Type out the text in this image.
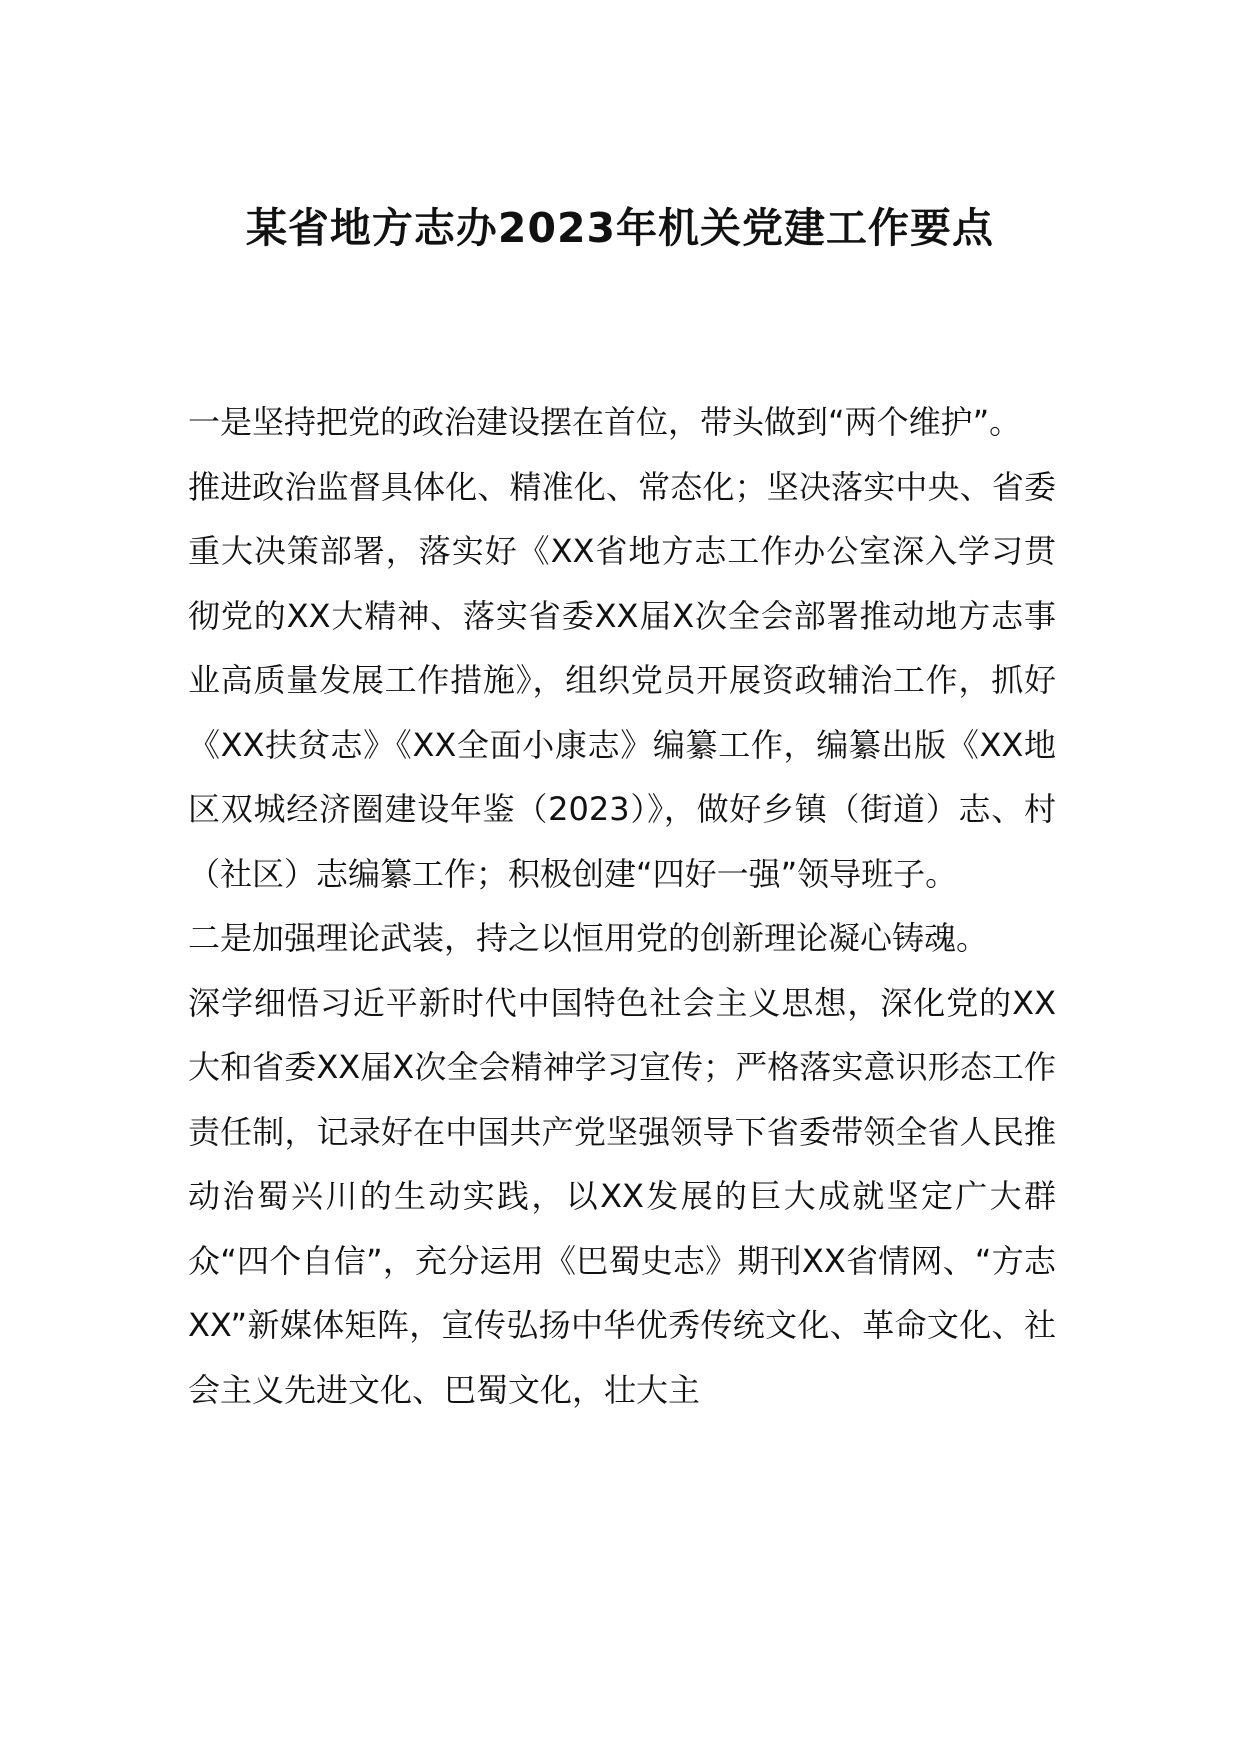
某省地方志办2023年机关党建工作要点

一是坚持把党的政治建设摆在首位，带头做到“两个维护”。

推进政治监督具体化、精准化、常态化；坚决落实中央、省委重大决策部署，落实好《XX省地方志工作办公室深入学习贯彻党的XX大精神、落实省委XX届X次全会部署推动地方志事业高质量发展工作措施》，组织党员开展资政辅治工作，抓好《XX扶贫志》《XX全面小康志》编纂工作，编纂出版《XX地区双城经济圈建设年鉴（2023）》，做好乡镇（街道）志、村（社区）志编纂工作；积极创建“四好一强”领导班子。

二是加强理论武装，持之以恒用党的创新理论凝心铸魂。

深学细悟习近平新时代中国特色社会主义思想，深化党的XX大和省委XX届X次全会精神学习宣传；严格落实意识形态工作责任制，记录好在中国共产党坚强领导下省委带领全省人民推动治蜀兴川的生动实践，以XX发展的巨大成就坚定广大群众“四个自信”，充分运用《巴蜀史志》期刊XX省情网、“方志XX”新媒体矩阵，宣传弘扬中华优秀传统文化、革命文化、社会主义先进文化、巴蜀文化，壮大主
